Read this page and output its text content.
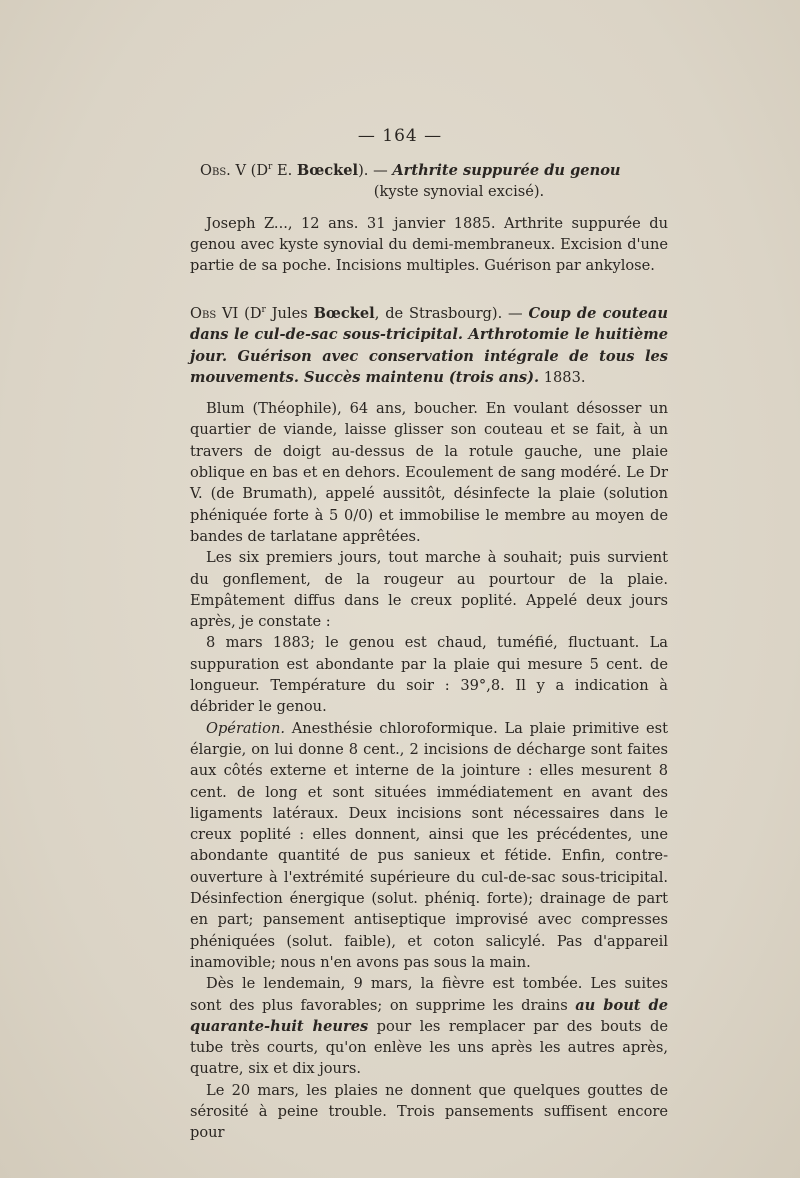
— 164 —

Obs. V ($D^r$ E. Bœckel). — Arthrite suppurée du genou

(kyste synovial excisé).

Joseph Z..., 12 ans. 31 janvier 1885. Arthrite suppurée du genou avec kyste synovial du demi-membraneux. Excision d'une partie de sa poche. Incisions multiples. Guérison par ankylose.

Obs VI ($D^r$ Jules Bœckel, de Strasbourg). — Coup de couteau dans le cul-de-sac sous-tricipital. Arthrotomie le huitième jour. Guérison avec conservation intégrale de tous les mouvements. Succès maintenu (trois ans). 1883.

Blum (Théophile), 64 ans, boucher. En voulant désosser un quartier de viande, laisse glisser son couteau et se fait, à un travers de doigt au-dessus de la rotule gauche, une plaie oblique en bas et en dehors. Ecoulement de sang modéré. Le Dr V. (de Brumath), appelé aussitôt, désinfecte la plaie (solution phéniquée forte à 5 0/0) et immobilise le membre au moyen de bandes de tarlatane apprêtées.

Les six premiers jours, tout marche à souhait; puis survient du gonflement, de la rougeur au pourtour de la plaie. Empâtement diffus dans le creux poplité. Appelé deux jours après, je constate :

8 mars 1883; le genou est chaud, tuméfié, fluctuant. La suppuration est abondante par la plaie qui mesure 5 cent. de longueur. Température du soir : 39°,8. Il y a indication à débrider le genou.

Opération. Anesthésie chloroformique. La plaie primitive est élargie, on lui donne 8 cent., 2 incisions de décharge sont faites aux côtés externe et interne de la jointure : elles mesurent 8 cent. de long et sont situées immédiatement en avant des ligaments latéraux. Deux incisions sont nécessaires dans le creux poplité : elles donnent, ainsi que les précédentes, une abondante quantité de pus sanieux et fétide. Enfin, contre-ouverture à l'extrémité supérieure du cul-de-sac sous-tricipital. Désinfection énergique (solut. phéniq. forte); drainage de part en part; pansement antiseptique improvisé avec compresses phéniquées (solut. faible), et coton salicylé. Pas d'appareil inamovible; nous n'en avons pas sous la main.

Dès le lendemain, 9 mars, la fièvre est tombée. Les suites sont des plus favorables; on supprime les drains au bout de quarante-huit heures pour les remplacer par des bouts de tube très courts, qu'on enlève les uns après les autres après, quatre, six et dix jours.

Le 20 mars, les plaies ne donnent que quelques gouttes de sérosité à peine trouble. Trois pansements suffisent encore pour
